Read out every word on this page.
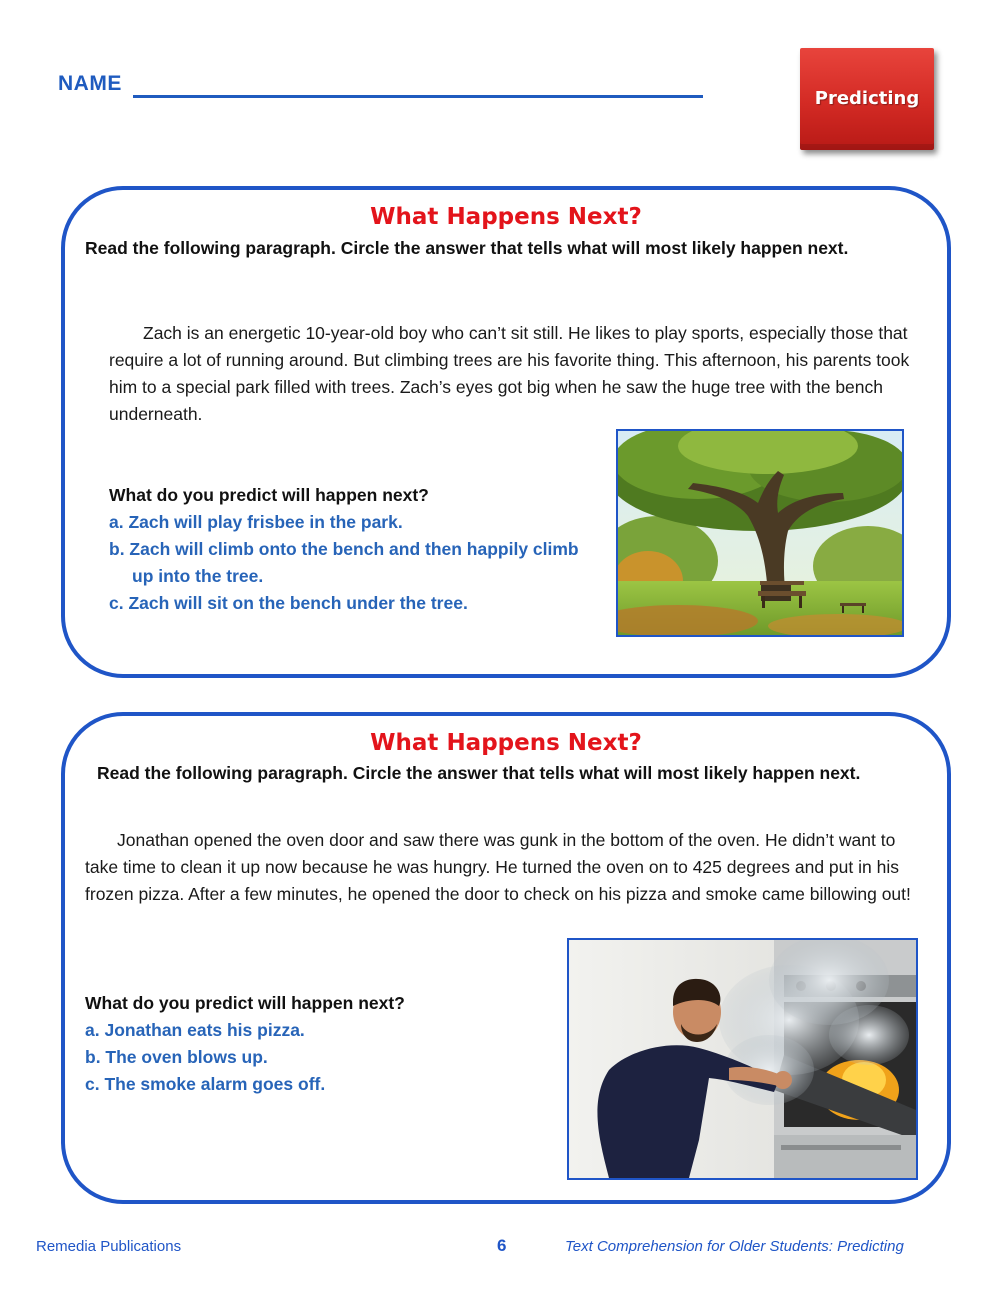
NAME
Predicting
What Happens Next?
Read the following paragraph. Circle the answer that tells what will most likely happen next.
Zach is an energetic 10-year-old boy who can’t sit still. He likes to play sports, especially those that require a lot of running around. But climbing trees are his favorite thing. This afternoon, his parents took him to a special park filled with trees. Zach’s eyes got big when he saw the huge tree with the bench underneath.
What do you predict will happen next?
a. Zach will play frisbee in the park.
b. Zach will climb onto the bench and then happily climb up into the tree.
c. Zach will sit on the bench under the tree.
What Happens Next?
Read the following paragraph. Circle the answer that tells what will most likely happen next.
Jonathan opened the oven door and saw there was gunk in the bottom of the oven. He didn’t want to take time to clean it up now because he was hungry. He turned the oven on to 425 degrees and put in his frozen pizza. After a few minutes, he opened the door to check on his pizza and smoke came billowing out!
What do you predict will happen next?
a. Jonathan eats his pizza.
b. The oven blows up.
c. The smoke alarm goes off.
Remedia Publications	6	Text Comprehension for Older Students: Predicting
